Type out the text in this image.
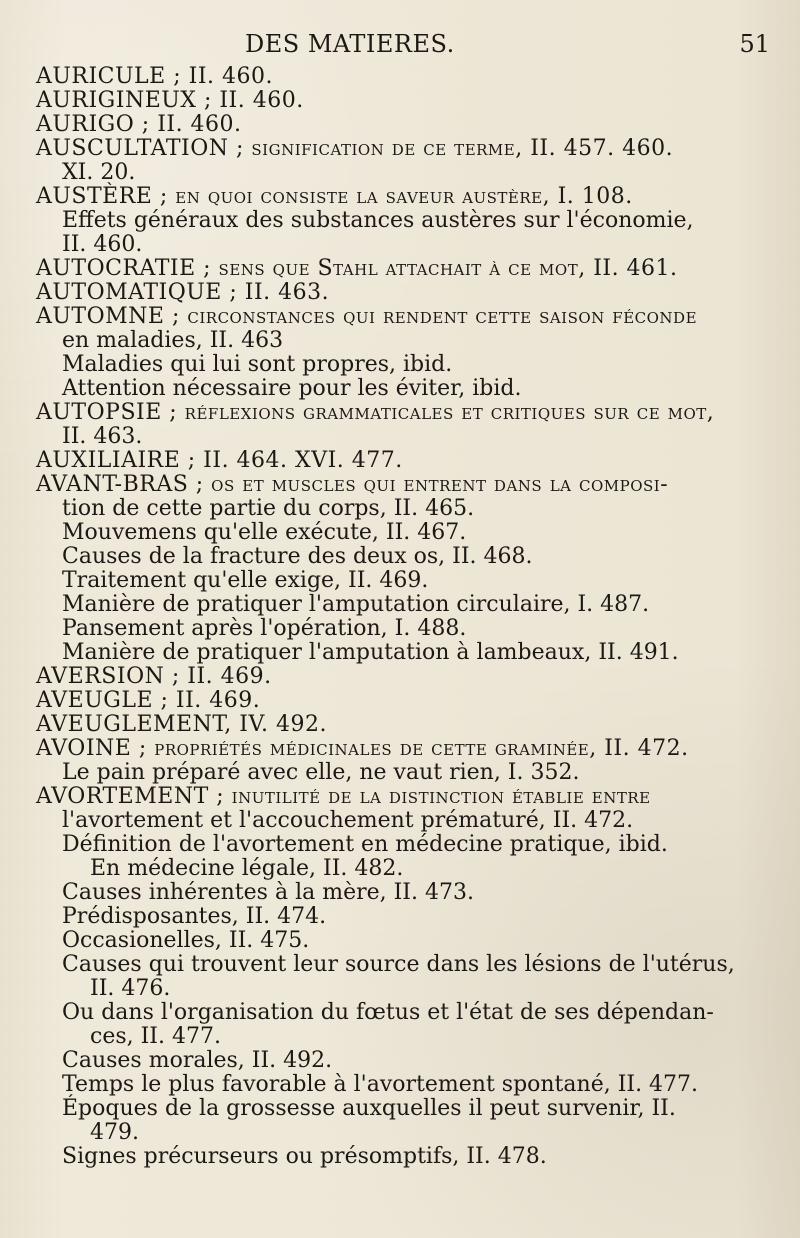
DES MATIERES.	51
AURICULE ; II. 460.
AURIGINEUX ; II. 460.
AURIGO ; II. 460.
AUSCULTATION ; signification de ce terme, II. 457. 460.
XI. 20.
AUSTÈRE ; en quoi consiste la saveur austère, I. 108.
Effets généraux des substances austères sur l'économie,
II. 460.
AUTOCRATIE ; sens que Stahl attachait à ce mot, II. 461.
AUTOMATIQUE ; II. 463.
AUTOMNE ; circonstances qui rendent cette saison féconde
en maladies, II. 463
Maladies qui lui sont propres, ibid.
Attention nécessaire pour les éviter, ibid.
AUTOPSIE ; réflexions grammaticales et critiques sur ce mot,
II. 463.
AUXILIAIRE ; II. 464. XVI. 477.
AVANT-BRAS ; os et muscles qui entrent dans la composi-
tion de cette partie du corps, II. 465.
Mouvemens qu'elle exécute, II. 467.
Causes de la fracture des deux os, II. 468.
Traitement qu'elle exige, II. 469.
Manière de pratiquer l'amputation circulaire, I. 487.
Pansement après l'opération, I. 488.
Manière de pratiquer l'amputation à lambeaux, II. 491.
AVERSION ; II. 469.
AVEUGLE ; II. 469.
AVEUGLEMENT, IV. 492.
AVOINE ; propriétés médicinales de cette graminée, II. 472.
Le pain préparé avec elle, ne vaut rien, I. 352.
AVORTEMENT ; inutilité de la distinction établie entre
l'avortement et l'accouchement prématuré, II. 472.
Définition de l'avortement en médecine pratique, ibid.
En médecine légale, II. 482.
Causes inhérentes à la mère, II. 473.
Prédisposantes, II. 474.
Occasionelles, II. 475.
Causes qui trouvent leur source dans les lésions de l'utérus,
II. 476.
Ou dans l'organisation du fœtus et l'état de ses dépendan-
ces, II. 477.
Causes morales, II. 492.
Temps le plus favorable à l'avortement spontané, II. 477.
Époques de la grossesse auxquelles il peut survenir, II.
479.
Signes précurseurs ou présomptifs, II. 478.
